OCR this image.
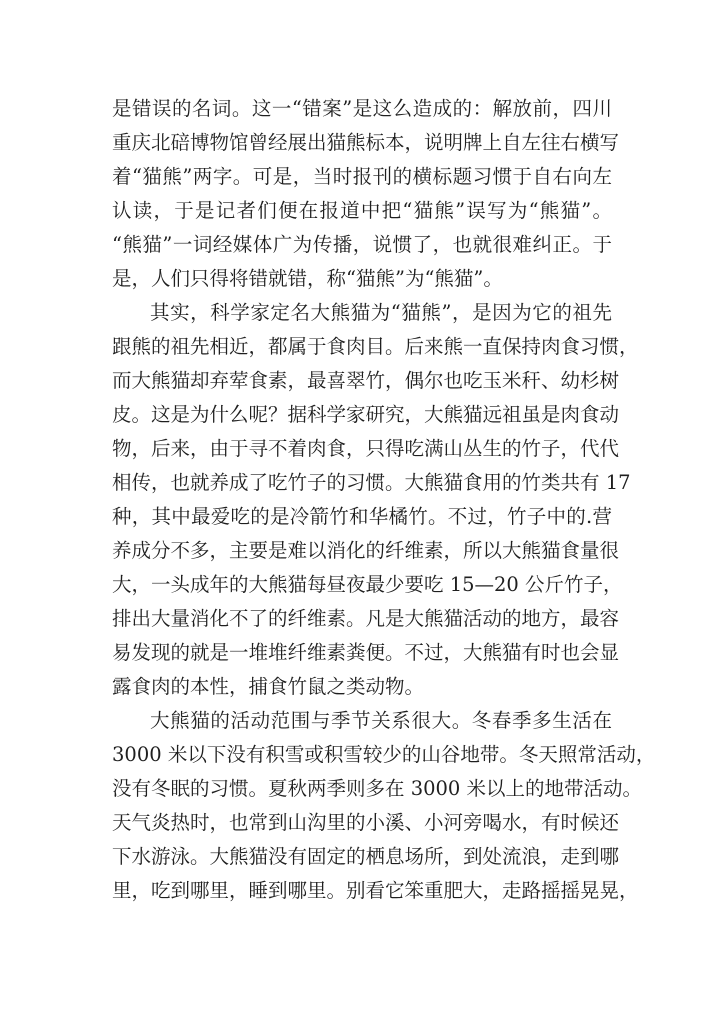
是错误的名词。这一“错案”是这么造成的：解放前，四川
重庆北碚博物馆曾经展出猫熊标本，说明牌上自左往右横写
着“猫熊”两字。可是，当时报刊的横标题习惯于自右向左
认读，于是记者们便在报道中把“猫熊”误写为“熊猫”。
“熊猫”一词经媒体广为传播，说惯了，也就很难纠正。于
是，人们只得将错就错，称“猫熊”为“熊猫”。
其实，科学家定名大熊猫为“猫熊”，是因为它的祖先
跟熊的祖先相近，都属于食肉目。后来熊一直保持肉食习惯，
而大熊猫却弃荤食素，最喜翠竹，偶尔也吃玉米秆、幼杉树
皮。这是为什么呢？据科学家研究，大熊猫远祖虽是肉食动
物，后来，由于寻不着肉食，只得吃满山丛生的竹子，代代
相传，也就养成了吃竹子的习惯。大熊猫食用的竹类共有 17
种，其中最爱吃的是冷箭竹和华橘竹。不过，竹子中的.营
养成分不多，主要是难以消化的纤维素，所以大熊猫食量很
大，一头成年的大熊猫每昼夜最少要吃 15—20 公斤竹子，
排出大量消化不了的纤维素。凡是大熊猫活动的地方，最容
易发现的就是一堆堆纤维素粪便。不过，大熊猫有时也会显
露食肉的本性，捕食竹鼠之类动物。
大熊猫的活动范围与季节关系很大。冬春季多生活在
3000 米以下没有积雪或积雪较少的山谷地带。冬天照常活动，
没有冬眠的习惯。夏秋两季则多在 3000 米以上的地带活动。
天气炎热时，也常到山沟里的小溪、小河旁喝水，有时候还
下水游泳。大熊猫没有固定的栖息场所，到处流浪，走到哪
里，吃到哪里，睡到哪里。别看它笨重肥大，走路摇摇晃晃，
